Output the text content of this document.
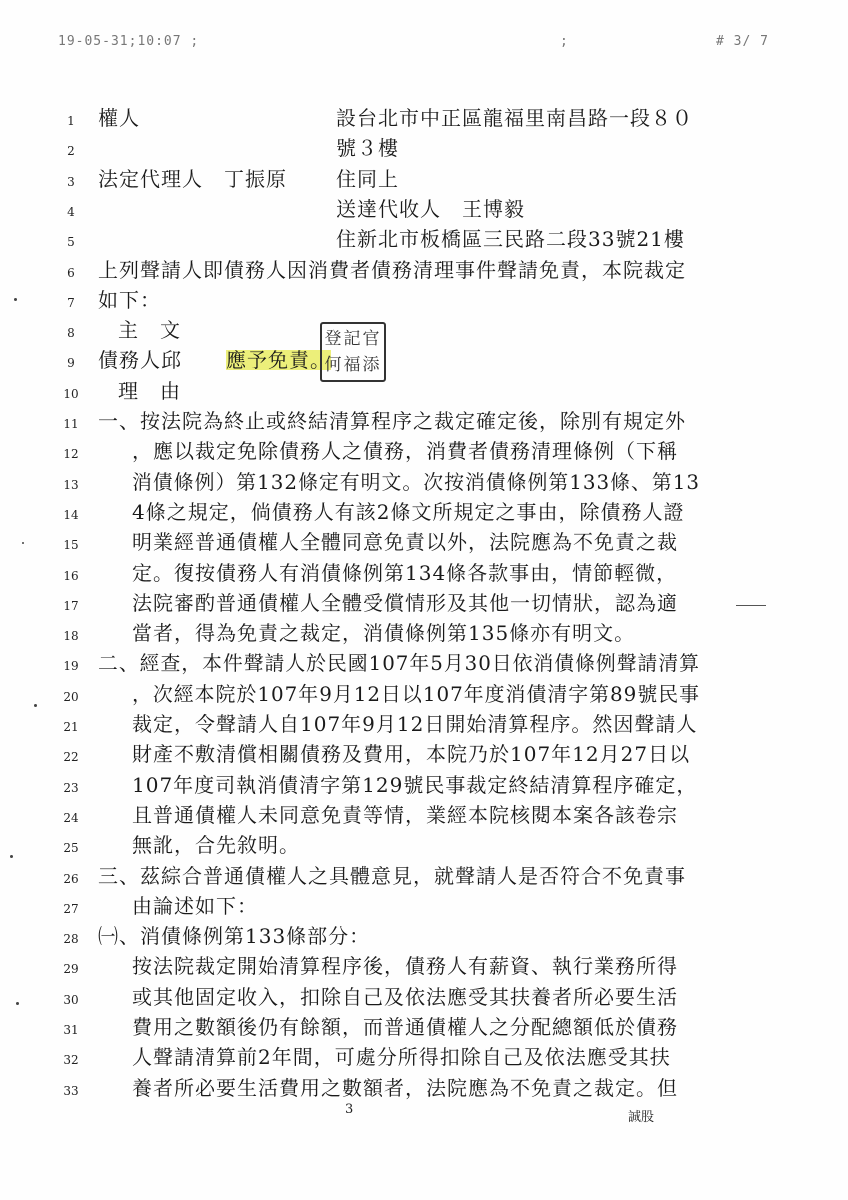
19-05-31;10:07 ;	;	# 3/ 7
1	權人	設台北市中正區龍福里南昌路一段８０
2	號３樓
3	法定代理人　丁振原 住同上
4	送達代收人　王博毅
5	住新北市板橋區三民路二段33號21樓
6	上列聲請人即債務人因消費者債務清理事件聲請免責，本院裁定
7	如下：
8	主　文
9	債務人邱 應予免責。
10 理　由
11 一、按法院為終止或終結清算程序之裁定確定後，除別有規定外
12	，應以裁定免除債務人之債務，消費者債務清理條例（下稱
13	消債條例）第132條定有明文。次按消債條例第133條、第13
14	4條之規定，倘債務人有該2條文所規定之事由，除債務人證
15	明業經普通債權人全體同意免責以外，法院應為不免責之裁
16	定。復按債務人有消債條例第134條各款事由，情節輕微，
17	法院審酌普通債權人全體受償情形及其他一切情狀，認為適
18	當者，得為免責之裁定，消債條例第135條亦有明文。
19 二、經查，本件聲請人於民國107年5月30日依消債條例聲請清算
20	，次經本院於107年9月12日以107年度消債清字第89號民事
21	裁定，令聲請人自107年9月12日開始清算程序。然因聲請人
22	財產不敷清償相關債務及費用，本院乃於107年12月27日以
23	107年度司執消債清字第129號民事裁定終結清算程序確定，
24	且普通債權人未同意免責等情，業經本院核閱本案各該卷宗
25	無訛，合先敘明。
26 三、茲綜合普通債權人之具體意見，就聲請人是否符合不免責事
27	由論述如下：
28 ㈠、消債條例第133條部分：
29	按法院裁定開始清算程序後，債務人有薪資、執行業務所得
30	或其他固定收入，扣除自己及依法應受其扶養者所必要生活
31	費用之數額後仍有餘額，而普通債權人之分配總額低於債務
32	人聲請清算前2年間，可處分所得扣除自己及依法應受其扶
33	養者所必要生活費用之數額者，法院應為不免責之裁定。但
登記官
何福添
3
誠股
